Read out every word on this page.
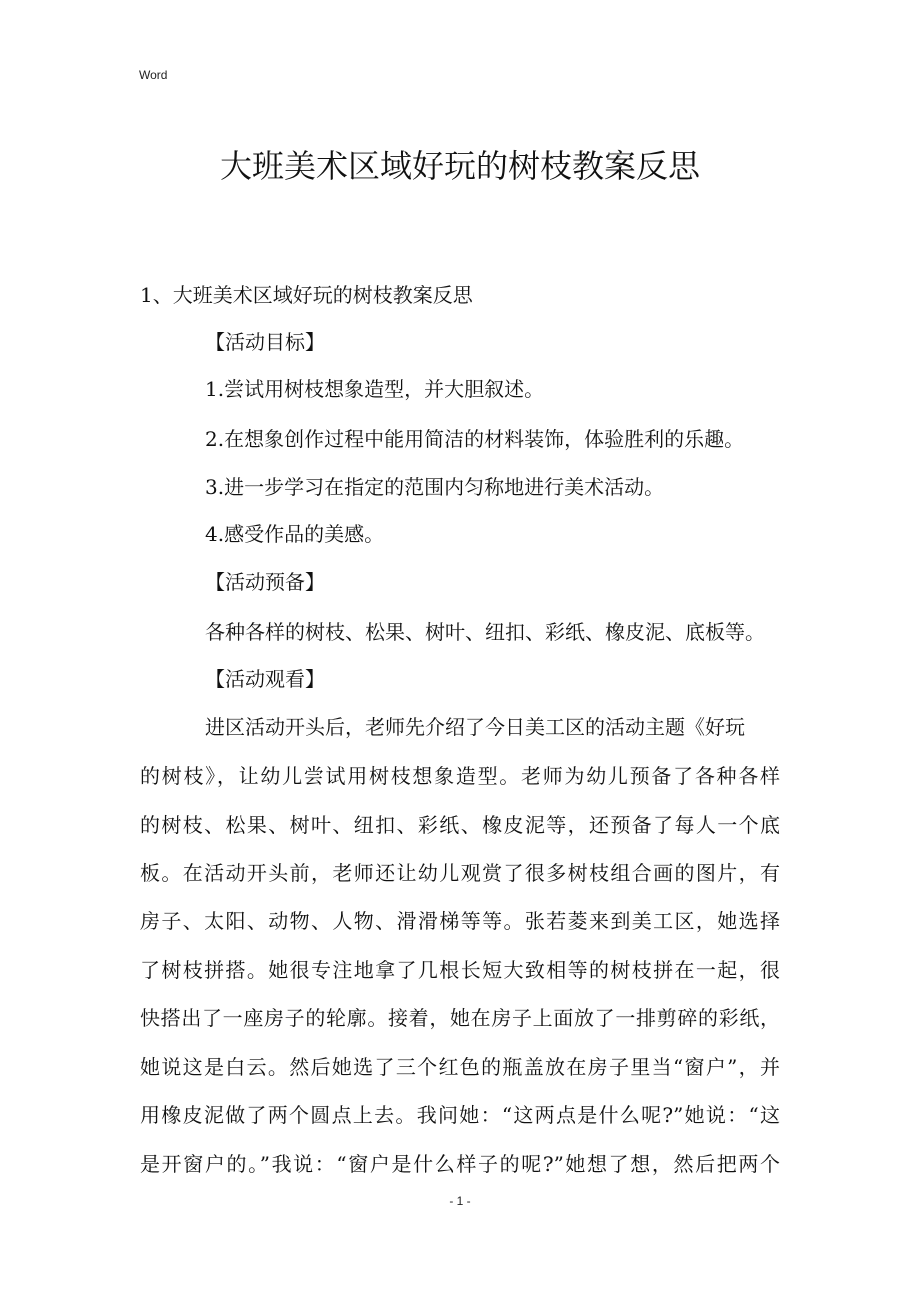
Word
大班美术区域好玩的树枝教案反思
1、大班美术区域好玩的树枝教案反思
【活动目标】
1.尝试用树枝想象造型，并大胆叙述。
2.在想象创作过程中能用简洁的材料装饰，体验胜利的乐趣。
3.进一步学习在指定的范围内匀称地进行美术活动。
4.感受作品的美感。
【活动预备】
各种各样的树枝、松果、树叶、纽扣、彩纸、橡皮泥、底板等。
【活动观看】
进区活动开头后，老师先介绍了今日美工区的活动主题《好玩
的树枝》，让幼儿尝试用树枝想象造型。老师为幼儿预备了各种各样
的树枝、松果、树叶、纽扣、彩纸、橡皮泥等，还预备了每人一个底
板。在活动开头前，老师还让幼儿观赏了很多树枝组合画的图片，有
房子、太阳、动物、人物、滑滑梯等等。张若菱来到美工区，她选择
了树枝拼搭。她很专注地拿了几根长短大致相等的树枝拼在一起，很
快搭出了一座房子的轮廓。接着，她在房子上面放了一排剪碎的彩纸，
她说这是白云。然后她选了三个红色的瓶盖放在房子里当“窗户”，并
用橡皮泥做了两个圆点上去。我问她：“这两点是什么呢?”她说：“这
是开窗户的。”我说：“窗户是什么样子的呢?”她想了想，然后把两个
- 1 -
